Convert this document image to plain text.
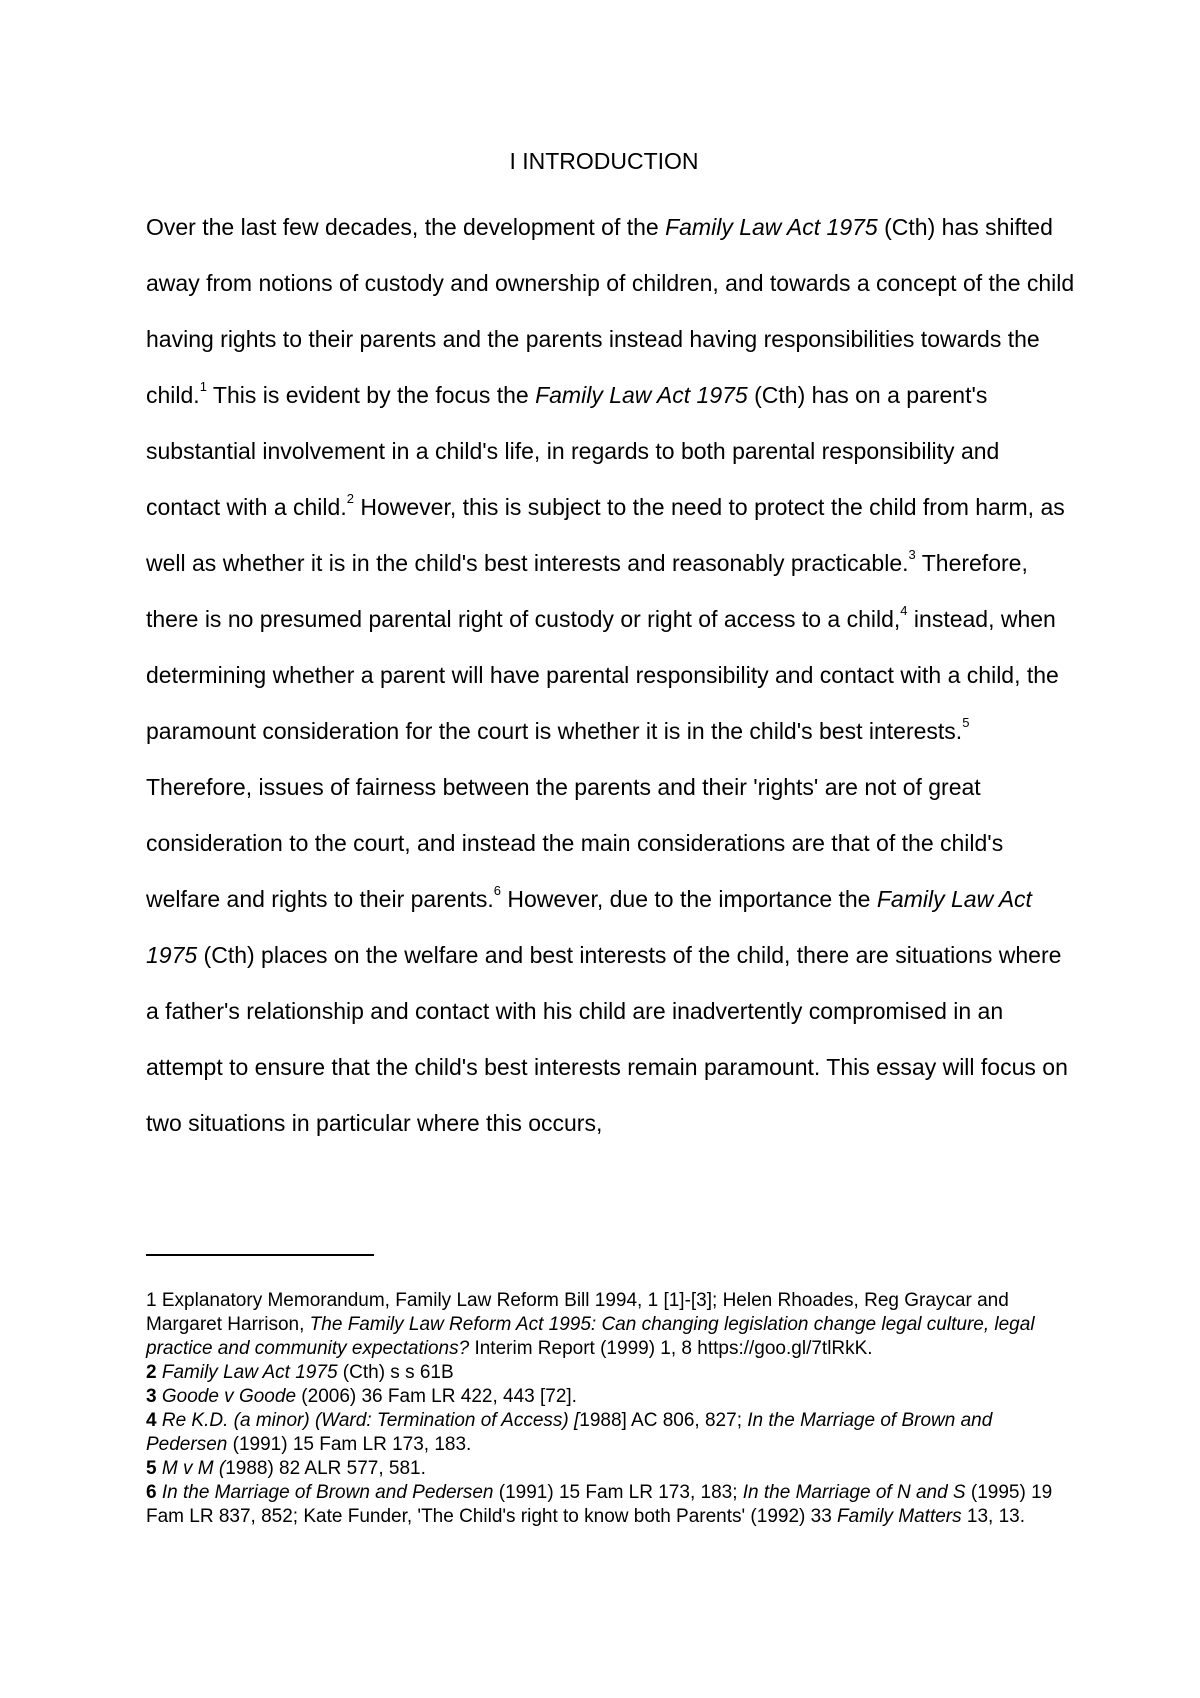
I INTRODUCTION

Over the last few decades, the development of the Family Law Act 1975 (Cth) has shifted away from notions of custody and ownership of children, and towards a concept of the child having rights to their parents and the parents instead having responsibilities towards the child.$^1$ This is evident by the focus the Family Law Act 1975 (Cth) has on a parent's substantial involvement in a child's life, in regards to both parental responsibility and contact with a child.$^2$ However, this is subject to the need to protect the child from harm, as well as whether it is in the child's best interests and reasonably practicable.$^3$ Therefore, there is no presumed parental right of custody or right of access to a child,$^4$ instead, when determining whether a parent will have parental responsibility and contact with a child, the paramount consideration for the court is whether it is in the child's best interests.$^5$ Therefore, issues of fairness between the parents and their 'rights' are not of great consideration to the court, and instead the main considerations are that of the child's welfare and rights to their parents.$^6$ However, due to the importance the Family Law Act 1975 (Cth) places on the welfare and best interests of the child, there are situations where a father's relationship and contact with his child are inadvertently compromised in an attempt to ensure that the child's best interests remain paramount. This essay will focus on two situations in particular where this occurs,

1 Explanatory Memorandum, Family Law Reform Bill 1994, 1 [1]-[3]; Helen Rhoades, Reg Graycar and Margaret Harrison, The Family Law Reform Act 1995: Can changing legislation change legal culture, legal practice and community expectations? Interim Report (1999) 1, 8 https://goo.gl/7tlRkK.

2 Family Law Act 1975 (Cth) s s 61B

3 Goode v Goode (2006) 36 Fam LR 422, 443 [72].

4 Re K.D. (a minor) (Ward: Termination of Access) [1988] AC 806, 827; In the Marriage of Brown and Pedersen (1991) 15 Fam LR 173, 183.

5 M v M (1988) 82 ALR 577, 581.

6 In the Marriage of Brown and Pedersen (1991) 15 Fam LR 173, 183; In the Marriage of N and S (1995) 19 Fam LR 837, 852; Kate Funder, 'The Child's right to know both Parents' (1992) 33 Family Matters 13, 13.
